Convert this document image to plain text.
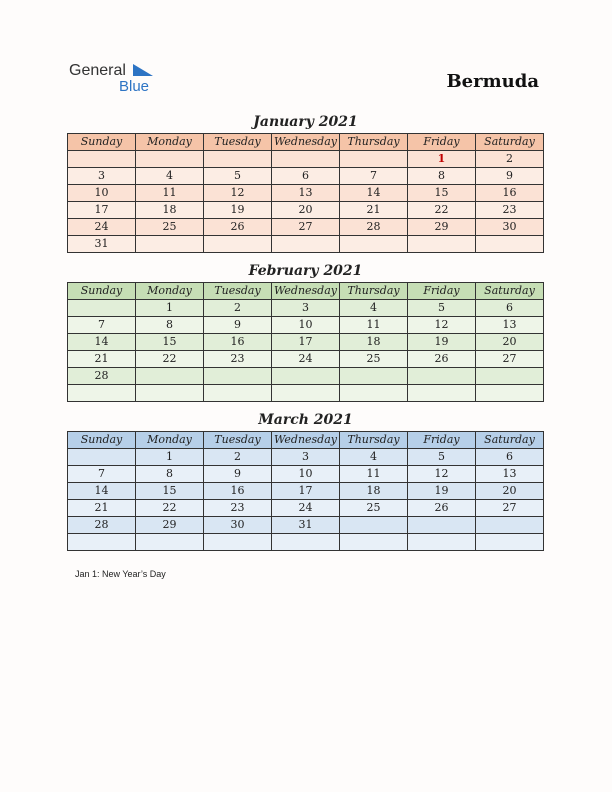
General
Blue	Bermuda
January 2021
Sunday	Monday	Tuesday	Wednesday	Thursday	Friday	Saturday
					1	2
3	4	5	6	7	8	9
10	11	12	13	14	15	16
17	18	19	20	21	22	23
24	25	26	27	28	29	30
31						
February 2021
Sunday	Monday	Tuesday	Wednesday	Thursday	Friday	Saturday
	1	2	3	4	5	6
7	8	9	10	11	12	13
14	15	16	17	18	19	20
21	22	23	24	25	26	27
28						

March 2021
Sunday	Monday	Tuesday	Wednesday	Thursday	Friday	Saturday
	1	2	3	4	5	6
7	8	9	10	11	12	13
14	15	16	17	18	19	20
21	22	23	24	25	26	27
28	29	30	31			

Jan 1: New Year’s Day
